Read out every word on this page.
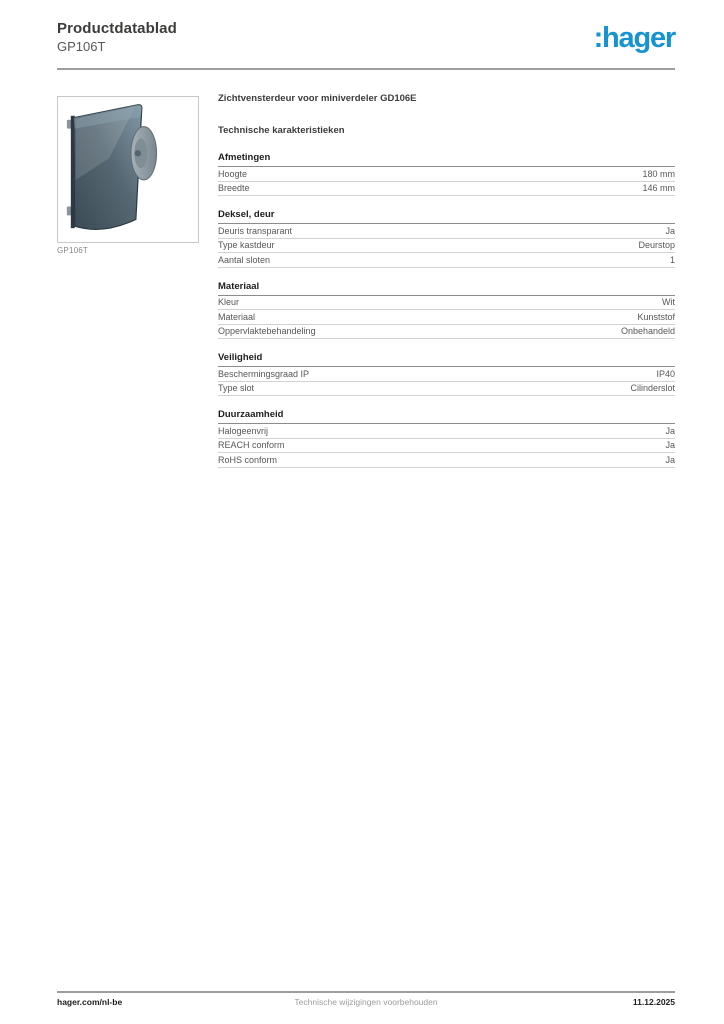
Productdatablad
GP106T	:hager
GP106T
Zichtvensterdeur voor miniverdeler GD106E
Technische karakteristieken
Afmetingen
Hoogte	180 mm
Breedte	146 mm
Deksel, deur
Deuris transparant	Ja
Type kastdeur	Deurstop
Aantal sloten	1
Materiaal
Kleur	Wit
Materiaal	Kunststof
Oppervlaktebehandeling	Onbehandeld
Veiligheid
Beschermingsgraad IP	IP40
Type slot	Cilinderslot
Duurzaamheid
Halogeenvrij	Ja
REACH conform	Ja
RoHS conform	Ja
hager.com/nl-be	Technische wijzigingen voorbehouden	11.12.2025
